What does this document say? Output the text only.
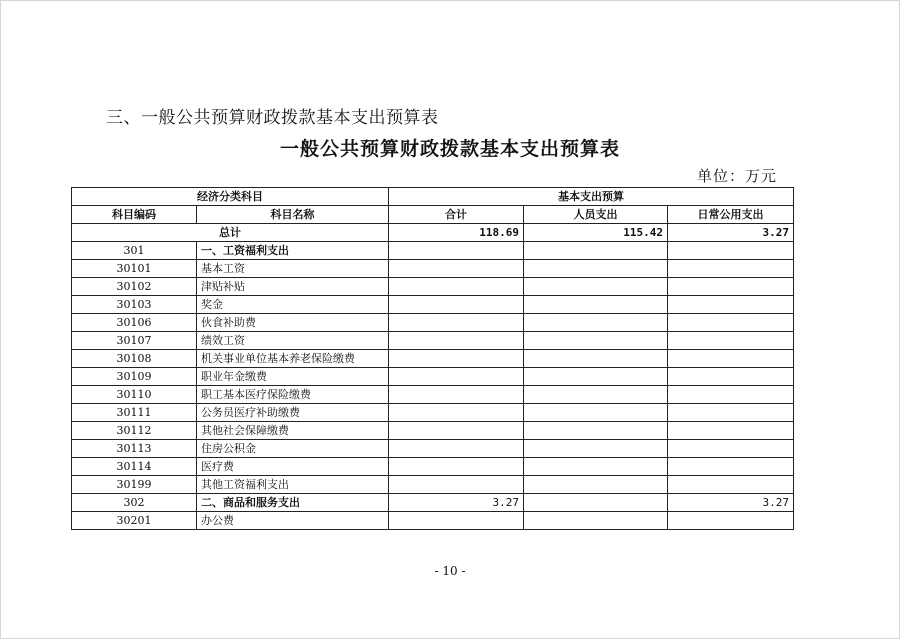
三、一般公共预算财政拨款基本支出预算表
一般公共预算财政拨款基本支出预算表
单位：万元
经济分类科目		基本支出预算		
科目编码	科目名称	合计	人员支出	日常公用支出
总计		118.69	115.42	3.27
301	一、工资福利支出			
30101	基本工资			
30102	津贴补贴			
30103	奖金			
30106	伙食补助费			
30107	绩效工资			
30108	机关事业单位基本养老保险缴费			
30109	职业年金缴费			
30110	职工基本医疗保险缴费			
30111	公务员医疗补助缴费			
30112	其他社会保障缴费			
30113	住房公积金			
30114	医疗费			
30199	其他工资福利支出			
302	二、商品和服务支出	3.27		3.27
30201	办公费			
- 10 -
